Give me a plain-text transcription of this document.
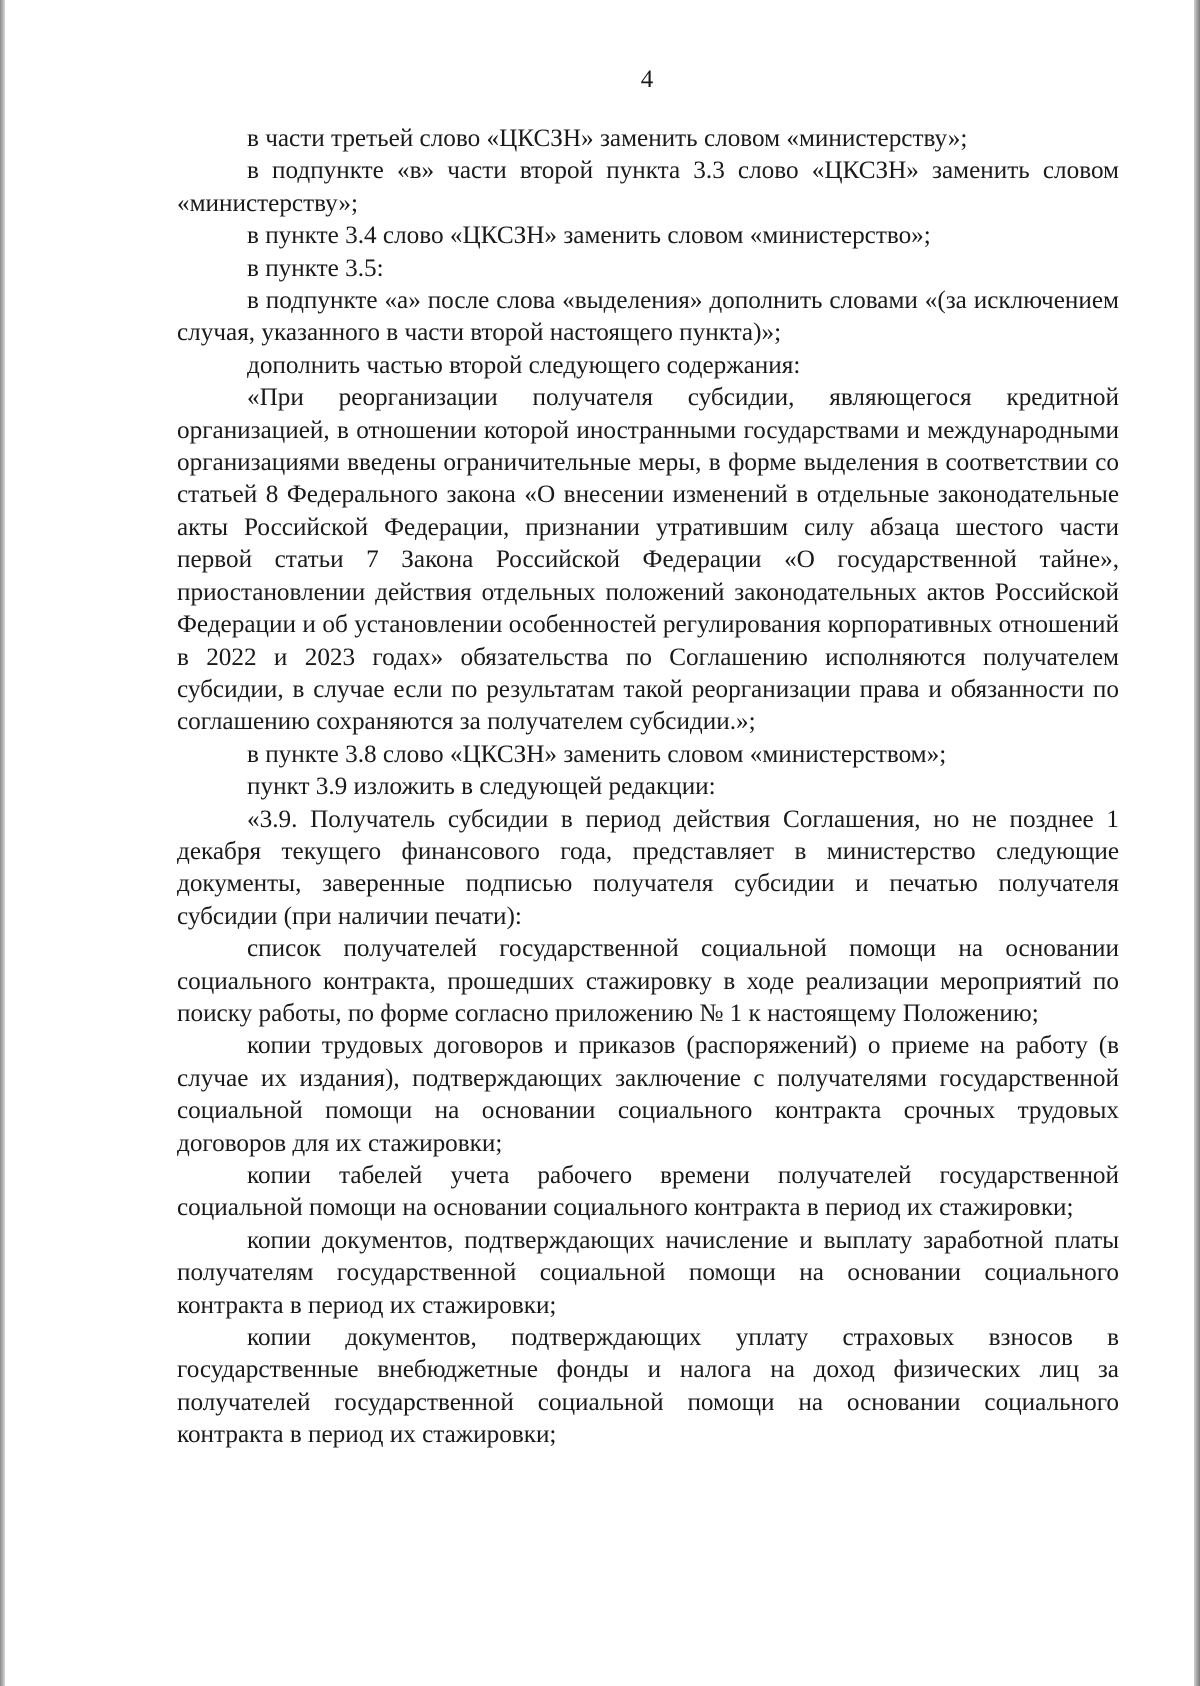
4

в части третьей слово «ЦКСЗН» заменить словом «министерству»;

в подпункте «в» части второй пункта 3.3 слово «ЦКСЗН» заменить словом «министерству»;

в пункте 3.4 слово «ЦКСЗН» заменить словом «министерство»;

в пункте 3.5:

в подпункте «а» после слова «выделения» дополнить словами «(за исключением случая, указанного в части второй настоящего пункта)»;

дополнить частью второй следующего содержания:

«При реорганизации получателя субсидии, являющегося кредитной организацией, в отношении которой иностранными государствами и международными организациями введены ограничительные меры, в форме выделения в соответствии со статьей 8 Федерального закона «О внесении изменений в отдельные законодательные акты Российской Федерации, признании утратившим силу абзаца шестого части первой статьи 7 Закона Российской Федерации «О государственной тайне», приостановлении действия отдельных положений законодательных актов Российской Федерации и об установлении особенностей регулирования корпоративных отношений в 2022 и 2023 годах» обязательства по Соглашению исполняются получателем субсидии, в случае если по результатам такой реорганизации права и обязанности по соглашению сохраняются за получателем субсидии.»;

в пункте 3.8 слово «ЦКСЗН» заменить словом «министерством»;

пункт 3.9 изложить в следующей редакции:

«3.9. Получатель субсидии в период действия Соглашения, но не позднее 1 декабря текущего финансового года, представляет в министерство следующие документы, заверенные подписью получателя субсидии и печатью получателя субсидии (при наличии печати):

список получателей государственной социальной помощи на основании социального контракта, прошедших стажировку в ходе реализации мероприятий по поиску работы, по форме согласно приложению № 1 к настоящему Положению;

копии трудовых договоров и приказов (распоряжений) о приеме на работу (в случае их издания), подтверждающих заключение с получателями государственной социальной помощи на основании социального контракта срочных трудовых договоров для их стажировки;

копии табелей учета рабочего времени получателей государственной социальной помощи на основании социального контракта в период их стажировки;

копии документов, подтверждающих начисление и выплату заработной платы получателям государственной социальной помощи на основании социального контракта в период их стажировки;

копии документов, подтверждающих уплату страховых взносов в государственные внебюджетные фонды и налога на доход физических лиц за получателей государственной социальной помощи на основании социального контракта в период их стажировки;
